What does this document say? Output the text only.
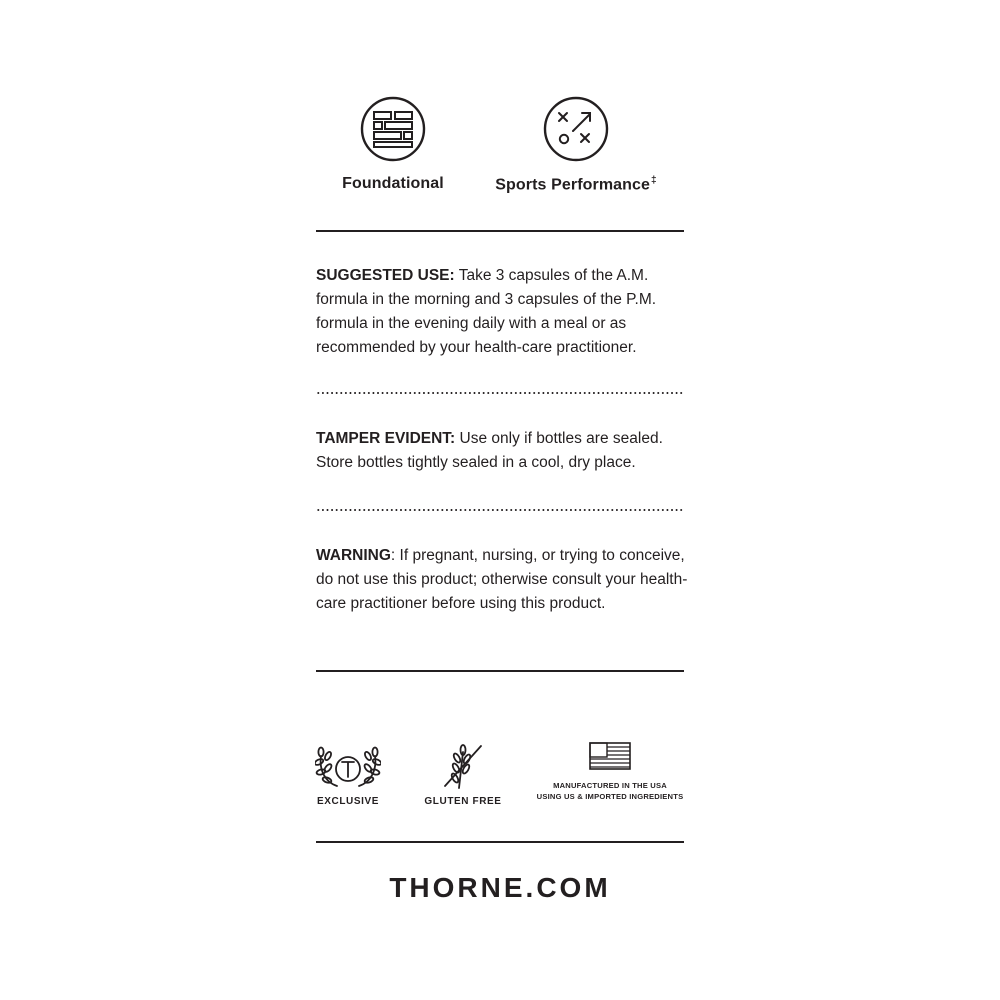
Foundational	Sports Performance‡
SUGGESTED USE: Take 3 capsules of the A.M. formula in the morning and 3 capsules of the P.M. formula in the evening daily with a meal or as recommended by your health-care practitioner.
TAMPER EVIDENT: Use only if bottles are sealed. Store bottles tightly sealed in a cool, dry place.
WARNING: If pregnant, nursing, or trying to conceive, do not use this product; otherwise consult your health-care practitioner before using this product.
EXCLUSIVE	GLUTEN FREE
MANUFACTURED IN THE USA
USING US & IMPORTED INGREDIENTS
THORNE.COM
